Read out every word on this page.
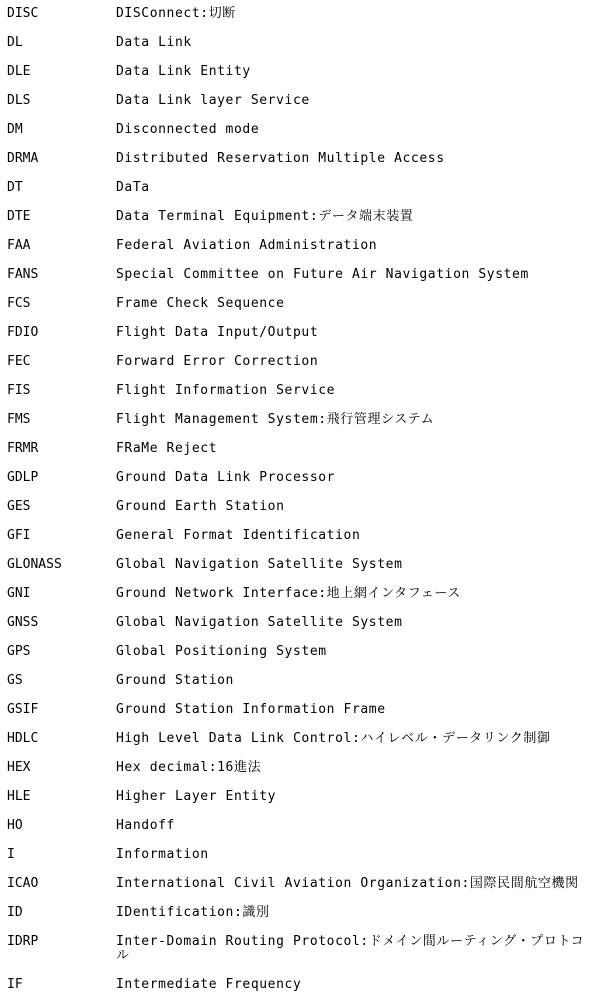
DISC	DISConnect:切断
DL	Data Link
DLE	Data Link Entity
DLS	Data Link layer Service
DM	Disconnected mode
DRMA	Distributed Reservation Multiple Access
DT	DaTa
DTE	Data Terminal Equipment:データ端末装置
FAA	Federal Aviation Administration
FANS	Special Committee on Future Air Navigation System
FCS	Frame Check Sequence
FDIO	Flight Data Input/Output
FEC	Forward Error Correction
FIS	Flight Information Service
FMS	Flight Management System:飛行管理システム
FRMR	FRaMe Reject
GDLP	Ground Data Link Processor
GES	Ground Earth Station
GFI	General Format Identification
GLONASS	Global Navigation Satellite System
GNI	Ground Network Interface:地上網インタフェース
GNSS	Global Navigation Satellite System
GPS	Global Positioning System
GS	Ground Station
GSIF	Ground Station Information Frame
HDLC	High Level Data Link Control:ハイレベル・データリンク制御
HEX	Hex decimal:16進法
HLE	Higher Layer Entity
HO	Handoff
I	Information
ICAO	International Civil Aviation Organization:国際民間航空機関
ID	IDentification:識別
IDRP	Inter-Domain Routing Protocol:ドメイン間ルーティング・プロトコル
IF	Intermediate Frequency
